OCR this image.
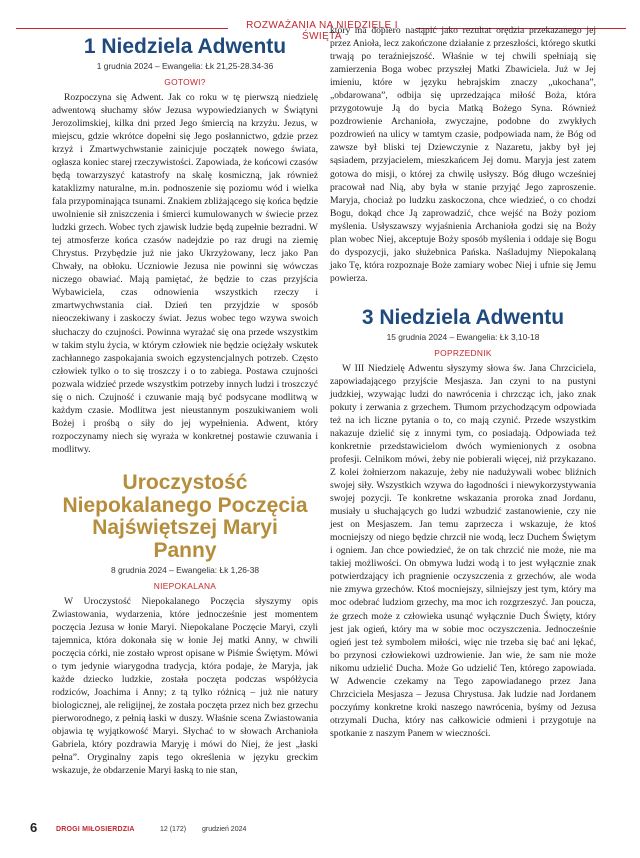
ROZWAŻANIA NA NIEDZIELE I ŚWIĘTA
1 Niedziela Adwentu

1 grudnia 2024 – Ewangelia: Łk 21,25-28.34-36

GOTOWI?

Rozpoczyna się Adwent. Jak co roku w tę pierwszą niedzielę adwentową słuchamy słów Jezusa wypowiedzianych w Świątyni Jerozolimskiej, kilka dni przed Jego śmiercią na krzyżu. Jezus, w miejscu, gdzie wkrótce dopełni się Jego posłannictwo, gdzie przez krzyż i Zmartwychwstanie zainicjuje początek nowego świata, ogłasza koniec starej rzeczywistości. Zapowiada, że końcowi czasów będą towarzyszyć katastrofy na skalę kosmiczną, jak również kataklizmy naturalne, m.in. podnoszenie się poziomu wód i wielka fala przypominająca tsunami. Znakiem zbliżającego się końca będzie uwolnienie sił zniszczenia i śmierci kumulowanych w świecie przez ludzki grzech. Wobec tych zjawisk ludzie będą zupełnie bezradni. W tej atmosferze końca czasów nadejdzie po raz drugi na ziemię Chrystus. Przybędzie już nie jako Ukrzyżowany, lecz jako Pan Chwały, na obłoku. Uczniowie Jezusa nie powinni się wówczas niczego obawiać. Mają pamiętać, że będzie to czas przyjścia Wybawiciela, czas odnowienia wszystkich rzeczy i zmartwychwstania ciał. Dzień ten przyjdzie w sposób nieoczekiwany i zaskoczy świat. Jezus wobec tego wzywa swoich słuchaczy do czujności. Powinna wyrażać się ona przede wszystkim w takim stylu życia, w którym człowiek nie będzie ociężały wskutek zachłannego zaspokajania swoich egzystencjalnych potrzeb. Często człowiek tylko o to się troszczy i o to zabiega. Postawa czujności pozwala widzieć przede wszystkim potrzeby innych ludzi i troszczyć się o nich. Czujność i czuwanie mają być podsycane modlitwą w każdym czasie. Modlitwa jest nieustannym poszukiwaniem woli Bożej i prośbą o siły do jej wypełnienia. Adwent, który rozpoczynamy niech się wyraża w konkretnej postawie czuwania i modlitwy.

Uroczystość Niepokalanego Poczęcia Najświętszej Maryi Panny

8 grudnia 2024 – Ewangelia: Łk 1,26-38

NIEPOKALANA

W Uroczystość Niepokalanego Poczęcia słyszymy opis Zwiastowania, wydarzenia, które jednocześnie jest momentem poczęcia Jezusa w łonie Maryi. Niepokalane Poczęcie Maryi, czyli tajemnica, która dokonała się w łonie Jej matki Anny, w chwili poczęcia córki, nie zostało wprost opisane w Piśmie Świętym. Mówi o tym jedynie wiarygodna tradycja, która podaje, że Maryja, jak każde dziecko ludzkie, została poczęta podczas współżycia rodziców, Joachima i Anny; z tą tylko różnicą – już nie natury biologicznej, ale religijnej, że została poczęta przez nich bez grzechu pierworodnego, z pełnią łaski w duszy. Właśnie scena Zwiastowania objawia tę wyjątkowość Maryi. Słychać to w słowach Archanioła Gabriela, który pozdrawia Maryję i mówi do Niej, że jest „łaski pełna”. Oryginalny zapis tego określenia w języku greckim wskazuje, że obdarzenie Maryi łaską to nie stan,

który ma dopiero nastąpić jako rezultat orędzia przekazanego jej przez Anioła, lecz zakończone działanie z przeszłości, którego skutki trwają po teraźniejszość. Właśnie w tej chwili spełniają się zamierzenia Boga wobec przyszłej Matki Zbawiciela. Już w Jej imieniu, które w języku hebrajskim znaczy „ukochana”, „obdarowana”, odbija się uprzedzająca miłość Boża, która przygotowuje Ją do bycia Matką Bożego Syna. Również pozdrowienie Archanioła, zwyczajne, podobne do zwykłych pozdrowień na ulicy w tamtym czasie, podpowiada nam, że Bóg od zawsze był bliski tej Dziewczynie z Nazaretu, jakby był jej sąsiadem, przyjacielem, mieszkańcem Jej domu. Maryja jest zatem gotowa do misji, o której za chwilę usłyszy. Bóg długo wcześniej pracował nad Nią, aby była w stanie przyjąć Jego zaproszenie. Maryja, chociaż po ludzku zaskoczona, chce wiedzieć, o co chodzi Bogu, dokąd chce Ją zaprowadzić, chce wejść na Boży poziom myślenia. Usłyszawszy wyjaśnienia Archanioła godzi się na Boży plan wobec Niej, akceptuje Boży sposób myślenia i oddaje się Bogu do dyspozycji, jako służebnica Pańska. Naśladujmy Niepokalaną jako Tę, która rozpoznaje Boże zamiary wobec Niej i ufnie się Jemu powierza.

3 Niedziela Adwentu

15 grudnia 2024 – Ewangelia: Łk 3,10-18

POPRZEDNIK

W III Niedzielę Adwentu słyszymy słowa św. Jana Chrzciciela, zapowiadającego przyjście Mesjasza. Jan czyni to na pustyni judzkiej, wzywając ludzi do nawrócenia i chrzcząc ich, jako znak pokuty i zerwania z grzechem. Tłumom przychodzącym odpowiada też na ich liczne pytania o to, co mają czynić. Przede wszystkim nakazuje dzielić się z innymi tym, co posiadają. Odpowiada też konkretnie przedstawicielom dwóch wymienionych z osobna profesji. Celnikom mówi, żeby nie pobierali więcej, niż przykazano. Z kolei żołnierzom nakazuje, żeby nie nadużywali wobec bliźnich swojej siły. Wszystkich wzywa do łagodności i niewykorzystywania swojej pozycji. Te konkretne wskazania proroka znad Jordanu, musiały u słuchających go ludzi wzbudzić zastanowienie, czy nie jest on Mesjaszem. Jan temu zaprzecza i wskazuje, że ktoś mocniejszy od niego będzie chrzcił nie wodą, lecz Duchem Świętym i ogniem. Jan chce powiedzieć, że on tak chrzcić nie może, nie ma takiej możliwości. On obmywa ludzi wodą i to jest wyłącznie znak potwierdzający ich pragnienie oczyszczenia z grzechów, ale woda nie zmywa grzechów. Ktoś mocniejszy, silniejszy jest tym, który ma moc odebrać ludziom grzechy, ma moc ich rozgrzeszyć. Jan poucza, że grzech może z człowieka usunąć wyłącznie Duch Święty, który jest jak ogień, który ma w sobie moc oczyszczenia. Jednocześnie ogień jest też symbolem miłości, więc nie trzeba się bać ani lękać, bo przynosi człowiekowi uzdrowienie. Jan wie, że sam nie może nikomu udzielić Ducha. Może Go udzielić Ten, którego zapowiada. W Adwencie czekamy na Tego zapowiadanego przez Jana Chrzciciela Mesjasza – Jezusa Chrystusa. Jak ludzie nad Jordanem poczyńmy konkretne kroki naszego nawrócenia, byśmy od Jezusa otrzymali Ducha, który nas całkowicie odmieni i przygotuje na spotkanie z naszym Panem w wieczności.

6	DROGI MIŁOSIERDZIA	12 (172) grudzień 2024
